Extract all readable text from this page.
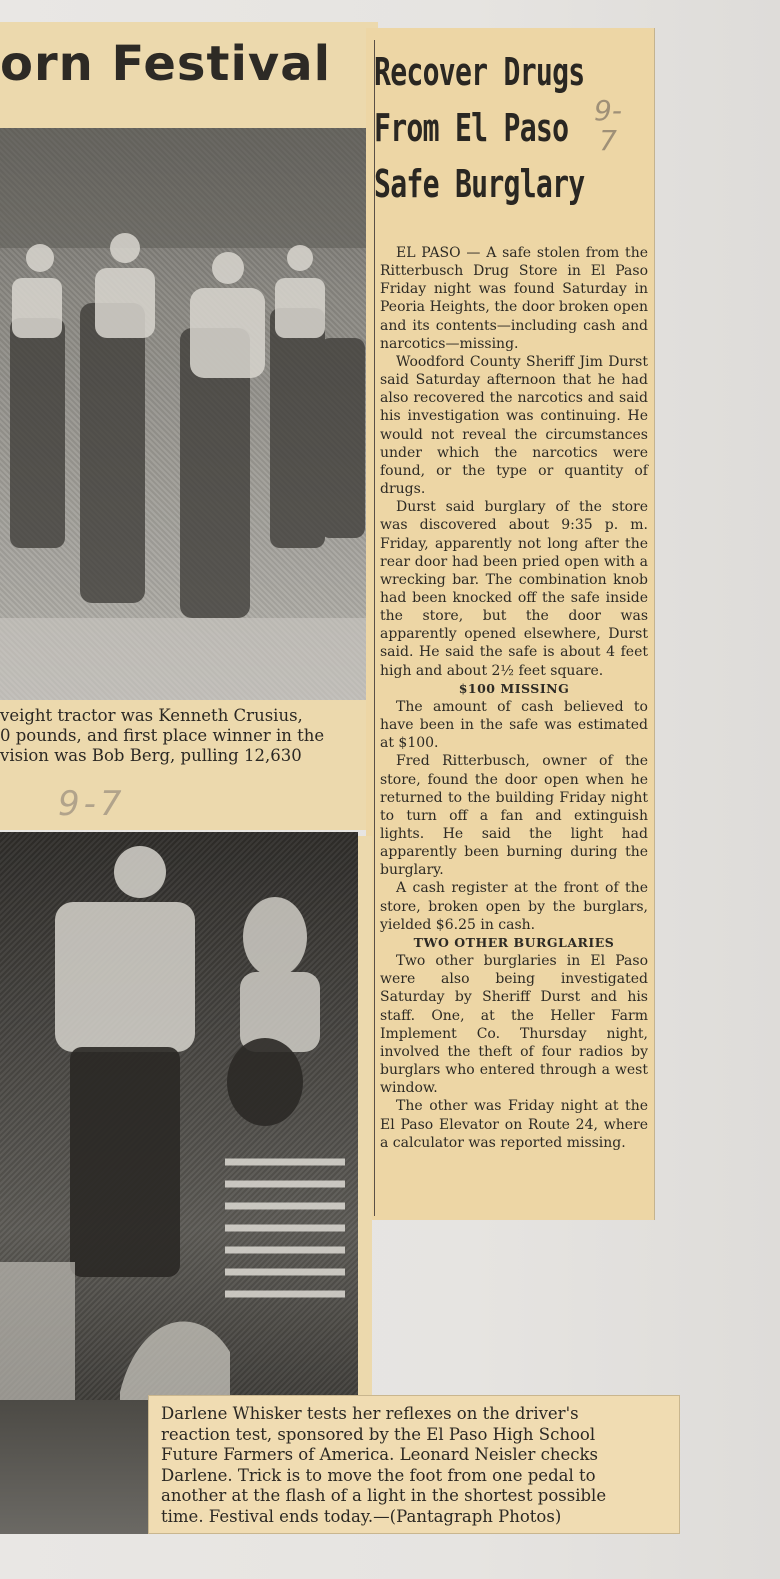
orn Festival

veight tractor was Kenneth Crusius,
0 pounds, and first place winner in the
vision was Bob Berg, pulling 12,630

9-7
Recover Drugs
From El Paso
Safe Burglary
9-
7

EL PASO — A safe stolen from the Ritterbusch Drug Store in El Paso Friday night was found Saturday in Peoria Heights, the door broken open and its contents—including cash and narcotics—missing.

Woodford County Sheriff Jim Durst said Saturday afternoon that he had also recovered the narcotics and said his investigation was continuing. He would not reveal the circumstances under which the narcotics were found, or the type or quantity of drugs.

Durst said burglary of the store was discovered about 9:35 p. m. Friday, apparently not long after the rear door had been pried open with a wrecking bar. The combination knob had been knocked off the safe inside the store, but the door was apparently opened elsewhere, Durst said. He said the safe is about 4 feet high and about 2½ feet square.

$100 MISSING

The amount of cash believed to have been in the safe was estimated at $100.

Fred Ritterbusch, owner of the store, found the door open when he returned to the building Friday night to turn off a fan and extinguish lights. He said the light had apparently been burning during the burglary.

A cash register at the front of the store, broken open by the burglars, yielded $6.25 in cash.

TWO OTHER BURGLARIES

Two other burglaries in El Paso were also being investigated Saturday by Sheriff Durst and his staff. One, at the Heller Farm Implement Co. Thursday night, involved the theft of four radios by burglars who entered through a west window.

The other was Friday night at the El Paso Elevator on Route 24, where a calculator was reported missing.

Darlene Whisker tests her reflexes on the driver's
reaction test, sponsored by the El Paso High School
Future Farmers of America. Leonard Neisler checks
Darlene. Trick is to move the foot from one pedal to
another at the flash of a light in the shortest possible
time. Festival ends today.—(Pantagraph Photos)
